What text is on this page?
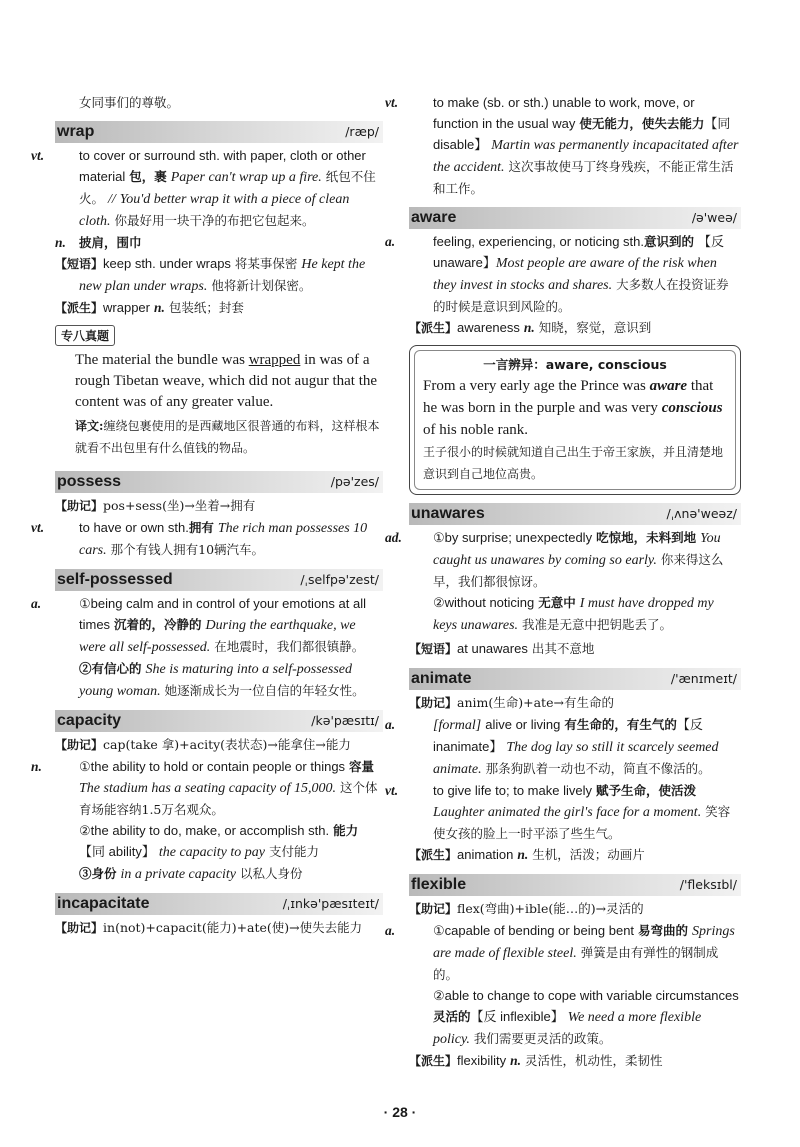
女同事们的尊敬。
wrap	/ræp/
vt.	to cover or surround sth. with paper, cloth or other material 包，裹 Paper can't wrap up a fire. 纸包不住火。 // You'd better wrap it with a piece of clean cloth. 你最好用一块干净的布把它包起来。
n. 披肩，围巾
【短语】keep sth. under wraps 将某事保密 He kept the new plan under wraps. 他将新计划保密。
【派生】wrapper n. 包装纸；封套
专八真题
The material the bundle was wrapped in was of a rough Tibetan weave, which did not augur that the content was of any greater value.
译文:缠绕包裹使用的是西藏地区很普通的布料，这样根本就看不出包里有什么值钱的物品。
possess	/pə'zes/
【助记】pos+sess(坐)→坐着→拥有
vt.	to have or own sth.拥有 The rich man possesses 10 cars. 那个有钱人拥有10辆汽车。
self-possessed	/ˌselfpə'zest/
a.	①being calm and in control of your emotions at all times 沉着的，冷静的 During the earthquake, we were all self-possessed. 在地震时，我们都很镇静。
②有信心的 She is maturing into a self-possessed young woman. 她逐渐成长为一位自信的年轻女性。
capacity	/kə'pæsɪtɪ/
【助记】cap(take 拿)+acity(表状态)→能拿住→能力
n.	①the ability to hold or contain people or things 容量 The stadium has a seating capacity of 15,000. 这个体育场能容纳1.5万名观众。
②the ability to do, make, or accomplish sth. 能力【同 ability】 the capacity to pay 支付能力
③身份 in a private capacity 以私人身份
incapacitate	/ˌɪnkə'pæsɪteɪt/
【助记】in(not)+capacit(能力)+ate(使)→使失去能力
vt.	to make (sb. or sth.) unable to work, move, or function in the usual way 使无能力，使失去能力【同 disable】 Martin was permanently incapacitated after the accident. 这次事故使马丁终身残疾，不能正常生活和工作。
aware	/ə'weə/
a.	feeling, experiencing, or noticing sth.意识到的 【反 unaware】Most people are aware of the risk when they invest in stocks and shares. 大多数人在投资证券的时候是意识到风险的。
【派生】awareness n. 知晓，察觉，意识到
一言辨异：aware, conscious
From a very early age the Prince was aware that he was born in the purple and was very conscious of his noble rank.
王子很小的时候就知道自己出生于帝王家族，并且清楚地意识到自己地位高贵。
unawares	/ˌʌnə'weəz/
ad. ①by surprise; unexpectedly 吃惊地，未料到地 You caught us unawares by coming so early. 你来得这么早，我们都很惊讶。
②without noticing 无意中 I must have dropped my keys unawares. 我准是无意中把钥匙丢了。
【短语】at unawares 出其不意地
animate	/'ænɪmeɪt/
【助记】anim(生命)+ate→有生命的
a.	[formal] alive or living 有生命的，有生气的【反 inanimate】 The dog lay so still it scarcely seemed animate. 那条狗趴着一动也不动，简直不像活的。
vt.	to give life to; to make lively 赋予生命，使活泼 Laughter animated the girl's face for a moment. 笑容使女孩的脸上一时平添了些生气。
【派生】animation n. 生机，活泼；动画片
flexible	/'fleksɪbl/
【助记】flex(弯曲)+ible(能…的)→灵活的
a.	①capable of bending or being bent 易弯曲的 Springs are made of flexible steel. 弹簧是由有弹性的钢制成的。
②able to change to cope with variable circumstances 灵活的【反 inflexible】 We need a more flexible policy. 我们需要更灵活的政策。
【派生】flexibility n. 灵活性，机动性，柔韧性
· 28 ·
